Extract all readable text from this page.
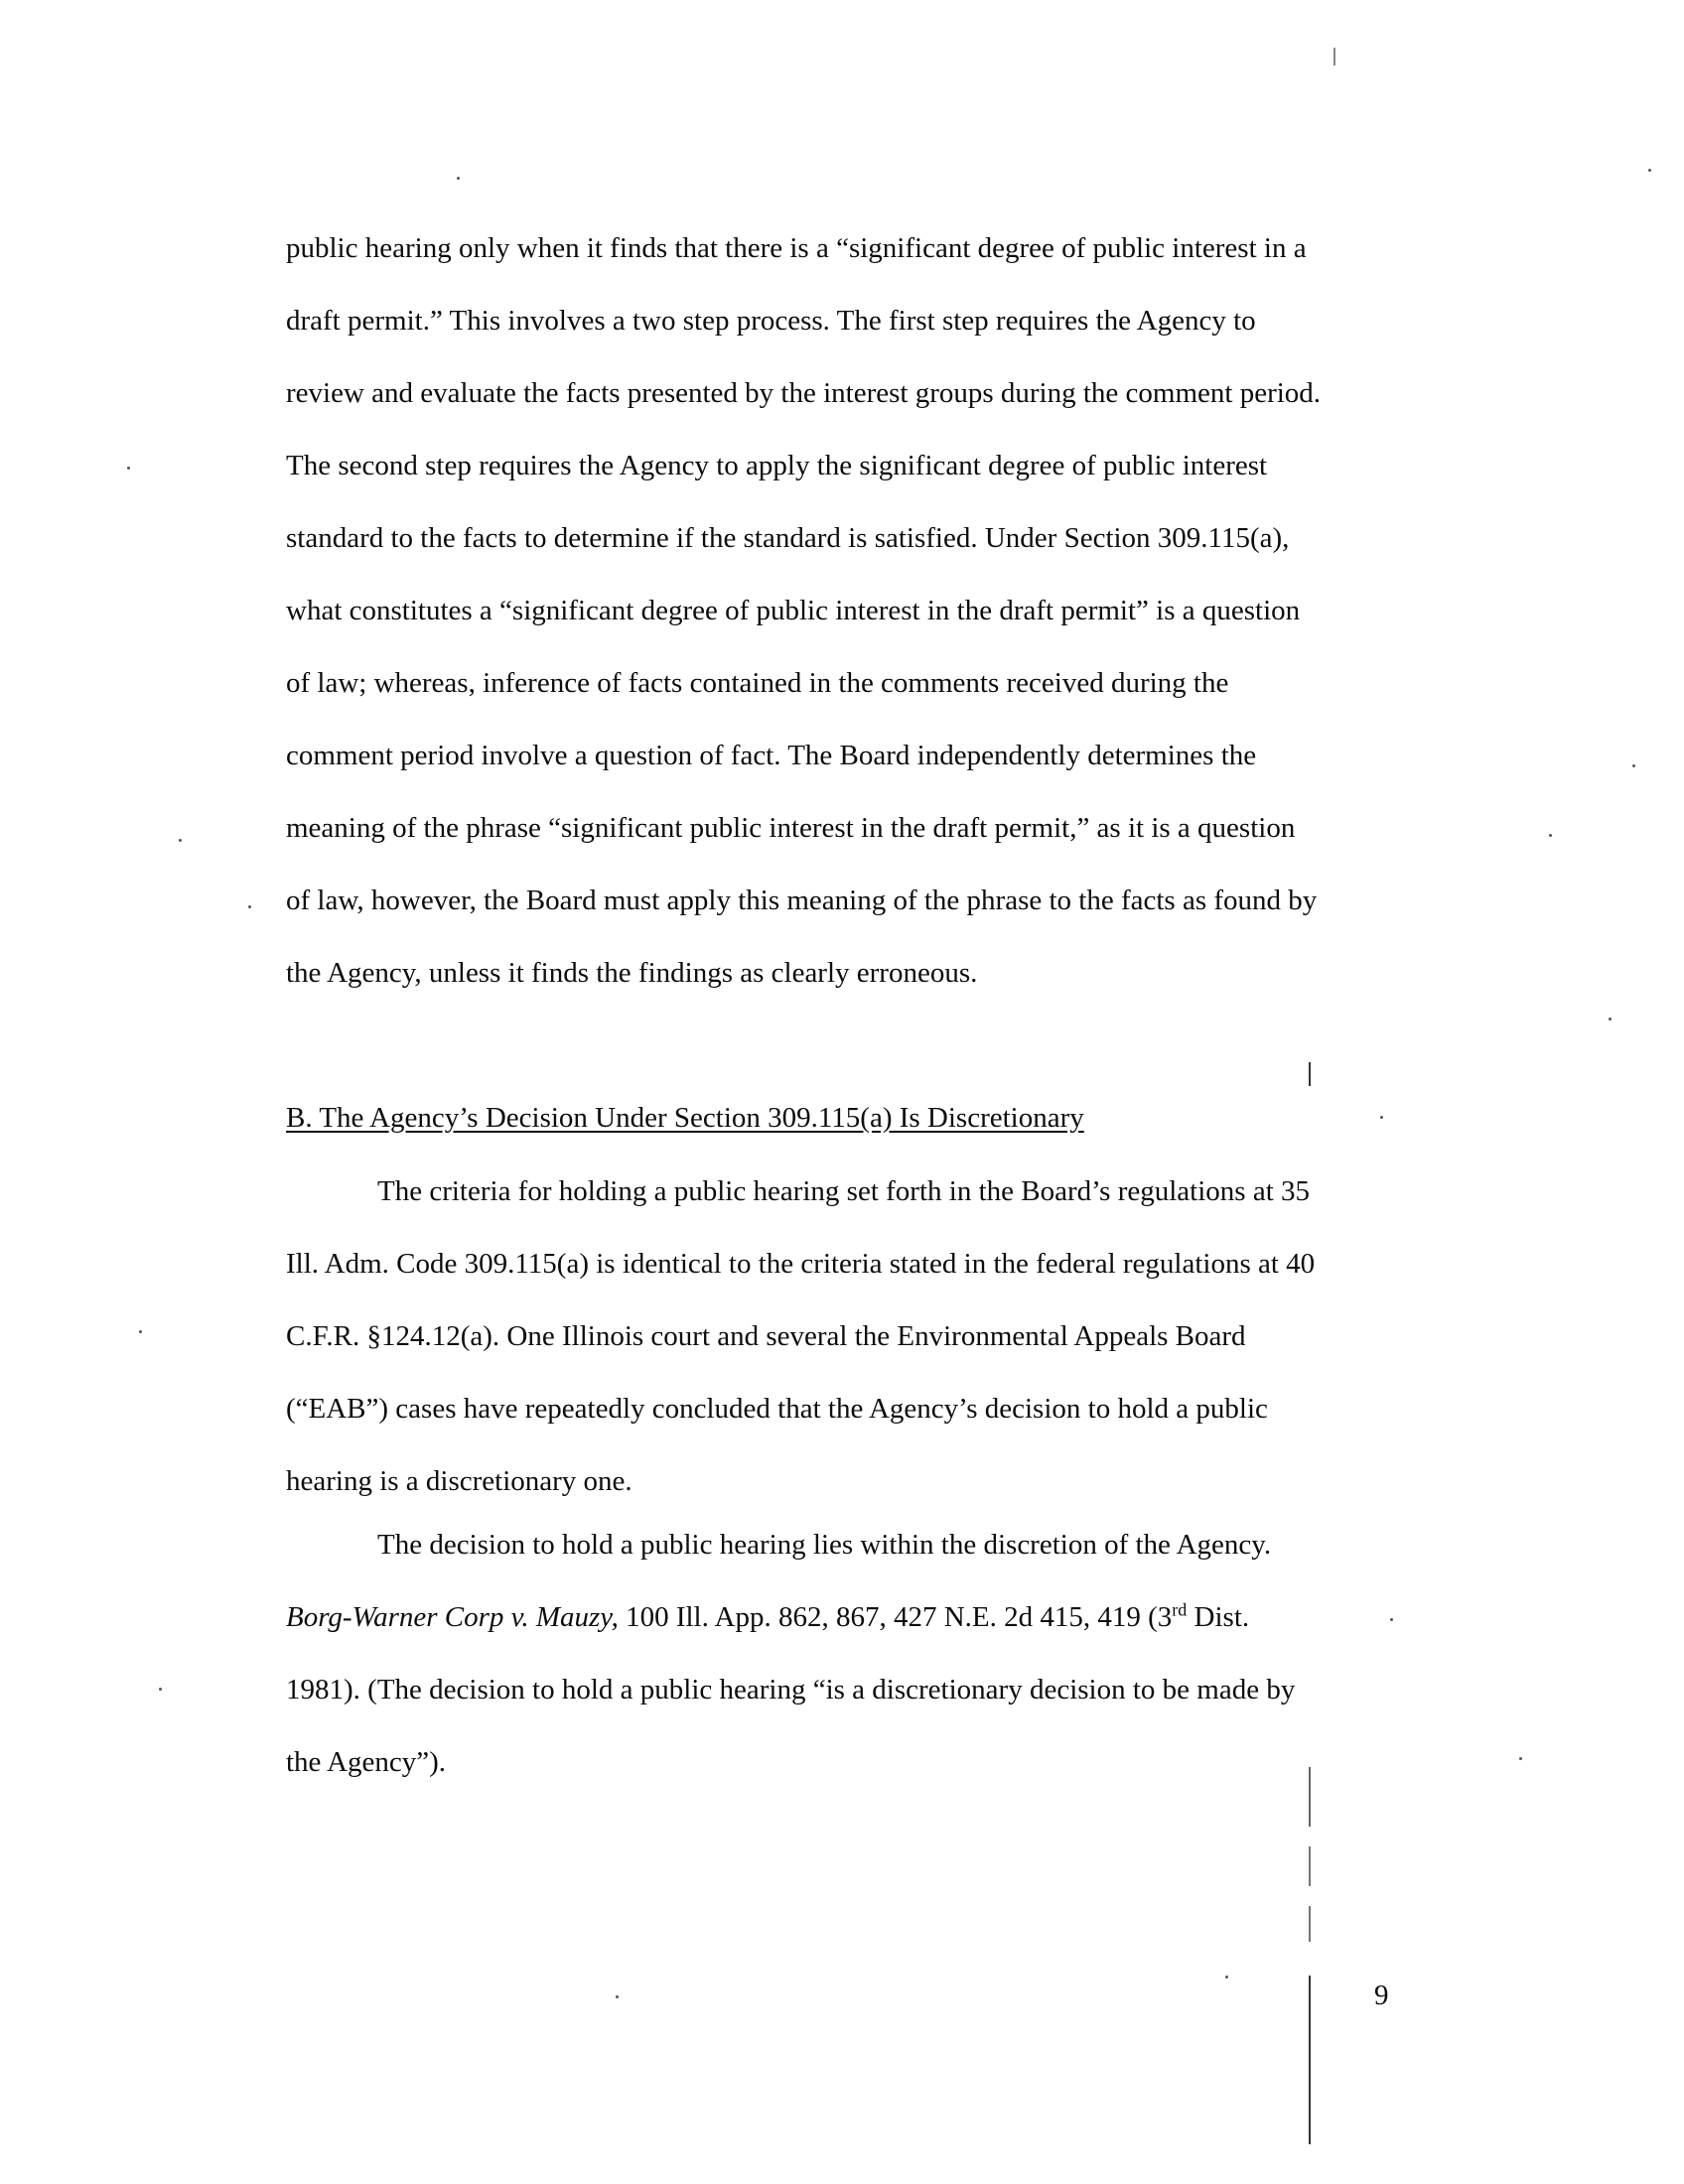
public hearing only when it finds that there is a “significant degree of public interest in a
draft permit.” This involves a two step process. The first step requires the Agency to
review and evaluate the facts presented by the interest groups during the comment period.
The second step requires the Agency to apply the significant degree of public interest
standard to the facts to determine if the standard is satisfied. Under Section 309.115(a),
what constitutes a “significant degree of public interest in the draft permit” is a question
of law; whereas, inference of facts contained in the comments received during the
comment period involve a question of fact. The Board independently determines the
meaning of the phrase “significant public interest in the draft permit,” as it is a question
of law, however, the Board must apply this meaning of the phrase to the facts as found by
the Agency, unless it finds the findings as clearly erroneous.
B. The Agency’s Decision Under Section 309.115(a) Is Discretionary
The criteria for holding a public hearing set forth in the Board’s regulations at 35
Ill. Adm. Code 309.115(a) is identical to the criteria stated in the federal regulations at 40
C.F.R. §124.12(a). One Illinois court and several the Environmental Appeals Board
(“EAB”) cases have repeatedly concluded that the Agency’s decision to hold a public
hearing is a discretionary one.
The decision to hold a public hearing lies within the discretion of the Agency.
Borg-Warner Corp v. Mauzy, 100 Ill. App. 862, 867, 427 N.E. 2d 415, 419 (3rd Dist.
1981). (The decision to hold a public hearing “is a discretionary decision to be made by
the Agency”).
9
